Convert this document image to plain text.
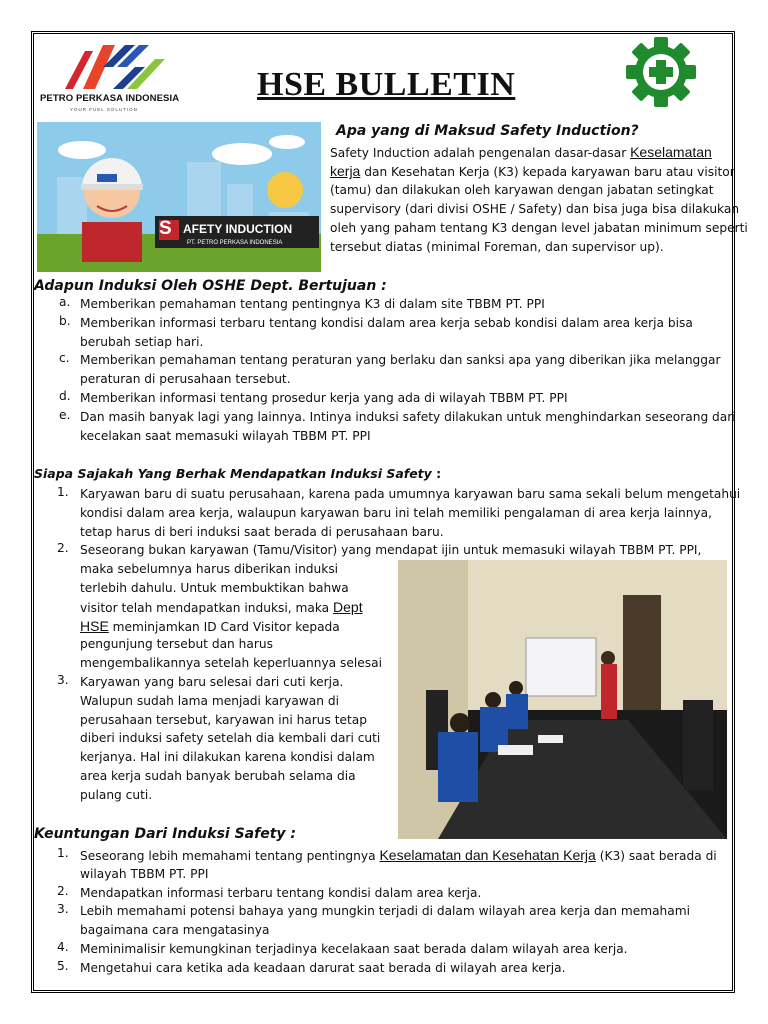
PETRO PERKASA INDONESIA
YOUR FUEL SOLUTION
HSE BULLETIN
S AFETY INDUCTION
PT. PETRO PERKASA INDONESIA
Apa yang di Maksud Safety Induction?
Safety Induction adalah pengenalan dasar-dasar Keselamatan
kerja dan Kesehatan Kerja (K3) kepada karyawan baru atau visitor
(tamu) dan dilakukan oleh karyawan dengan jabatan setingkat
supervisory (dari divisi OSHE / Safety) dan bisa juga bisa dilakukan
oleh yang paham tentang K3 dengan level jabatan minimum seperti
tersebut diatas (minimal Foreman, dan supervisor up).
Adapun Induksi Oleh OSHE Dept. Bertujuan :
a. Memberikan pemahaman tentang pentingnya K3 di dalam site TBBM PT. PPI
b. Memberikan informasi terbaru tentang kondisi dalam area kerja sebab kondisi dalam area kerja bisa
berubah setiap hari.
c. Memberikan pemahaman tentang peraturan yang berlaku dan sanksi apa yang diberikan jika melanggar
peraturan di perusahaan tersebut.
d. Memberikan informasi tentang prosedur kerja yang ada di wilayah TBBM PT. PPI
e. Dan masih banyak lagi yang lainnya. Intinya induksi safety dilakukan untuk menghindarkan seseorang dari
kecelakan saat memasuki wilayah TBBM PT. PPI
Siapa Sajakah Yang Berhak Mendapatkan Induksi Safety :
1. Karyawan baru di suatu perusahaan, karena pada umumnya karyawan baru sama sekali belum mengetahui
kondisi dalam area kerja, walaupun karyawan baru ini telah memiliki pengalaman di area kerja lainnya,
tetap harus di beri induksi saat berada di perusahaan baru.
2. Seseorang bukan karyawan (Tamu/Visitor) yang mendapat ijin untuk memasuki wilayah TBBM PT. PPI,
maka sebelumnya harus diberikan induksi
terlebih dahulu. Untuk membuktikan bahwa
visitor telah mendapatkan induksi, maka Dept
HSE meminjamkan ID Card Visitor kepada
pengunjung tersebut dan harus
mengembalikannya setelah keperluannya selesai
3. Karyawan yang baru selesai dari cuti kerja.
Walupun sudah lama menjadi karyawan di
perusahaan tersebut, karyawan ini harus tetap
diberi induksi safety setelah dia kembali dari cuti
kerjanya. Hal ini dilakukan karena kondisi dalam
area kerja sudah banyak berubah selama dia
pulang cuti.
Keuntungan Dari Induksi Safety :
1. Seseorang lebih memahami tentang pentingnya Keselamatan dan Kesehatan Kerja (K3) saat berada di
wilayah TBBM PT. PPI
2. Mendapatkan informasi terbaru tentang kondisi dalam area kerja.
3. Lebih memahami potensi bahaya yang mungkin terjadi di dalam wilayah area kerja dan memahami
bagaimana cara mengatasinya
4. Meminimalisir kemungkinan terjadinya kecelakaan saat berada dalam wilayah area kerja.
5. Mengetahui cara ketika ada keadaan darurat saat berada di wilayah area kerja.
